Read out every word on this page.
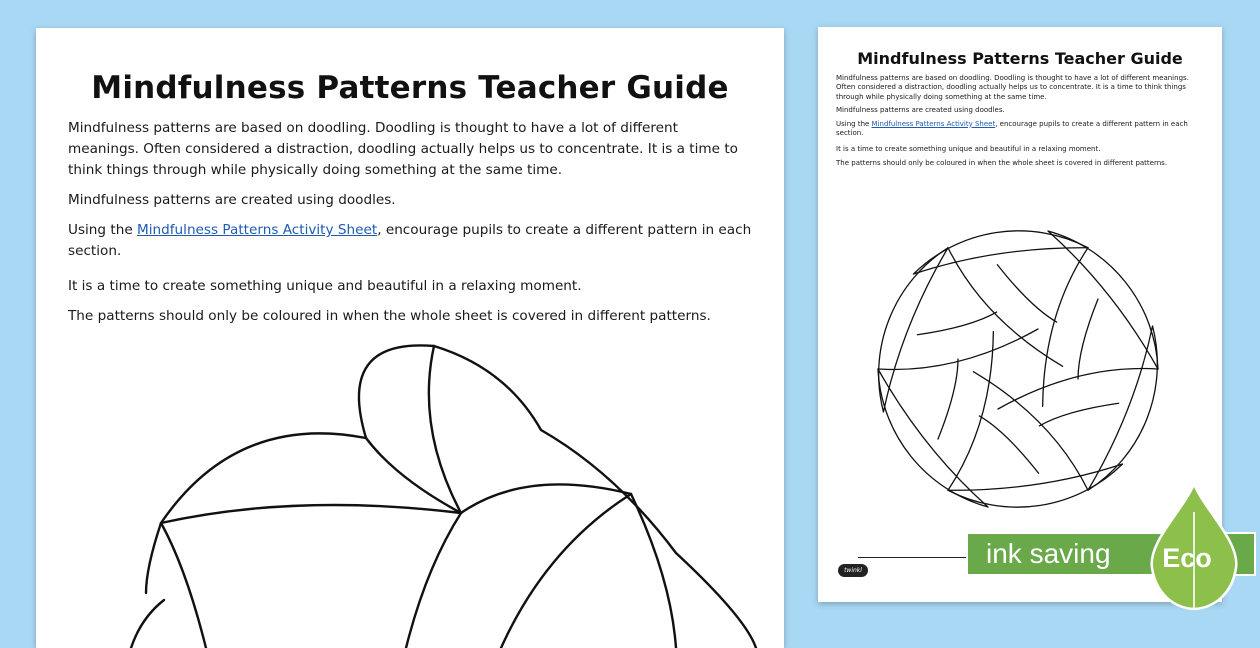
Mindfulness Patterns Teacher Guide

Mindfulness patterns are based on doodling. Doodling is thought to have a lot of different meanings. Often considered a distraction, doodling actually helps us to concentrate. It is a time to think things through while physically doing something at the same time.

Mindfulness patterns are created using doodles.

Using the Mindfulness Patterns Activity Sheet, encourage pupils to create a different pattern in each section.

It is a time to create something unique and beautiful in a relaxing moment.

The patterns should only be coloured in when the whole sheet is covered in different patterns.

Mindfulness Patterns Teacher Guide

Mindfulness patterns are based on doodling. Doodling is thought to have a lot of different meanings. Often considered a distraction, doodling actually helps us to concentrate. It is a time to think things through while physically doing something at the same time.

Mindfulness patterns are created using doodles.

Using the Mindfulness Patterns Activity Sheet, encourage pupils to create a different pattern in each section.

It is a time to create something unique and beautiful in a relaxing moment.

The patterns should only be coloured in when the whole sheet is covered in different patterns.

twinkl
ink saving Eco
